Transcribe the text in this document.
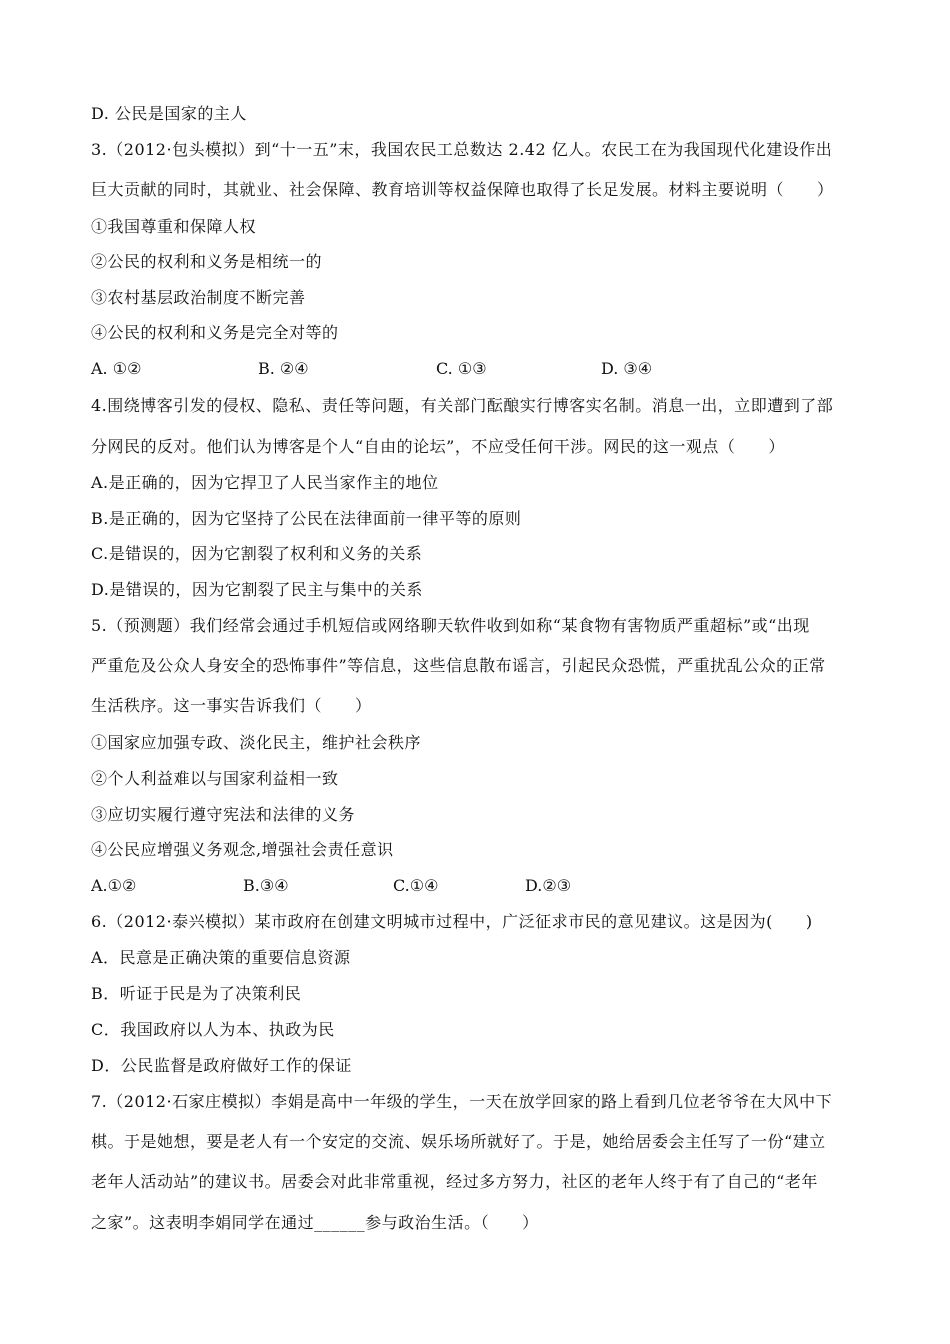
D. 公民是国家的主人
3.（2012·包头模拟）到“十一五”末，我国农民工总数达 2.42 亿人。农民工在为我国现代化建设作出
巨大贡献的同时，其就业、社会保障、教育培训等权益保障也取得了长足发展。材料主要说明（　　）
①我国尊重和保障人权
②公民的权利和义务是相统一的
③农村基层政治制度不断完善
④公民的权利和义务是完全对等的
A. ①②	B. ②④	C. ①③	D. ③④
4.围绕博客引发的侵权、隐私、责任等问题，有关部门酝酿实行博客实名制。消息一出，立即遭到了部
分网民的反对。他们认为博客是个人“自由的论坛”，不应受任何干涉。网民的这一观点（　　）
A.是正确的，因为它捍卫了人民当家作主的地位
B.是正确的，因为它坚持了公民在法律面前一律平等的原则
C.是错误的，因为它割裂了权利和义务的关系
D.是错误的，因为它割裂了民主与集中的关系
5.（预测题）我们经常会通过手机短信或网络聊天软件收到如称“某食物有害物质严重超标”或“出现
严重危及公众人身安全的恐怖事件”等信息，这些信息散布谣言，引起民众恐慌，严重扰乱公众的正常
生活秩序。这一事实告诉我们（　　）
①国家应加强专政、淡化民主，维护社会秩序
②个人利益难以与国家利益相一致
③应切实履行遵守宪法和法律的义务
④公民应增强义务观念,增强社会责任意识
A.①②	B.③④	C.①④	D.②③
6.（2012·泰兴模拟）某市政府在创建文明城市过程中，广泛征求市民的意见建议。这是因为(　　)
A．民意是正确决策的重要信息资源
B．听证于民是为了决策利民
C．我国政府以人为本、执政为民
D．公民监督是政府做好工作的保证
7.（2012·石家庄模拟）李娟是高中一年级的学生，一天在放学回家的路上看到几位老爷爷在大风中下
棋。于是她想，要是老人有一个安定的交流、娱乐场所就好了。于是，她给居委会主任写了一份“建立
老年人活动站”的建议书。居委会对此非常重视，经过多方努力，社区的老年人终于有了自己的“老年
之家”。这表明李娟同学在通过______参与政治生活。（　　）
